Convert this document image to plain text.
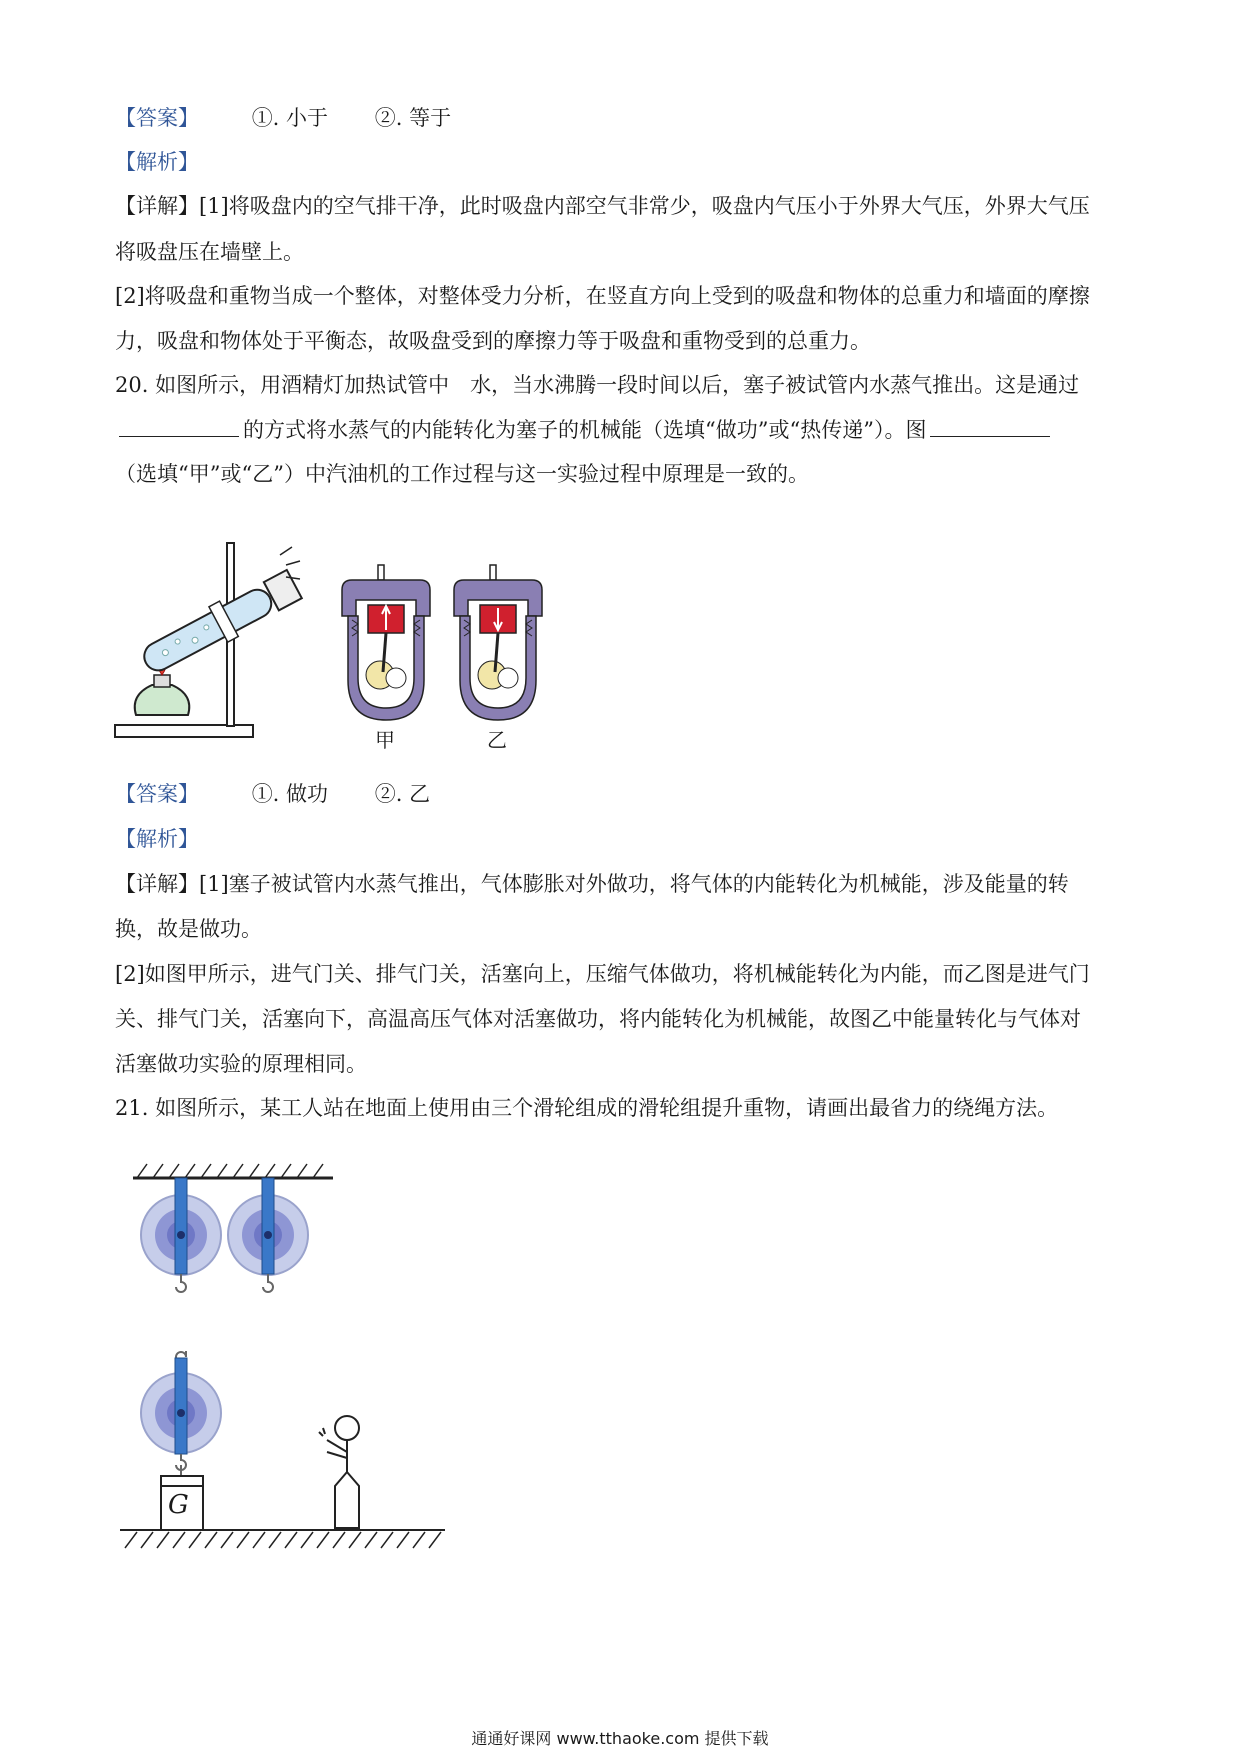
【答案】	①. 小于 ②. 等于
【解析】
【详解】[1]将吸盘内的空气排干净，此时吸盘内部空气非常少，吸盘内气压小于外界大气压，外界大气压
将吸盘压在墙壁上。
[2]将吸盘和重物当成一个整体，对整体受力分析，在竖直方向上受到的吸盘和物体的总重力和墙面的摩擦
力，吸盘和物体处于平衡态，故吸盘受到的摩擦力等于吸盘和重物受到的总重力。
20. 如图所示，用酒精灯加热试管中　水，当水沸腾一段时间以后，塞子被试管内水蒸气推出。这是通过
的方式将水蒸气的内能转化为塞子的机械能（选填“做功”或“热传递”）。图
（选填“甲”或“乙”）中汽油机的工作过程与这一实验过程中原理是一致的。
甲	乙
【答案】	①. 做功 ②. 乙
【解析】
【详解】[1]塞子被试管内水蒸气推出，气体膨胀对外做功，将气体的内能转化为机械能，涉及能量的转
换，故是做功。
[2]如图甲所示，进气门关、排气门关，活塞向上，压缩气体做功，将机械能转化为内能，而乙图是进气门
关、排气门关，活塞向下，高温高压气体对活塞做功，将内能转化为机械能，故图乙中能量转化与气体对
活塞做功实验的原理相同。
21. 如图所示，某工人站在地面上使用由三个滑轮组成的滑轮组提升重物，请画出最省力的绕绳方法。
G
通通好课网 www.tthaoke.com 提供下载
